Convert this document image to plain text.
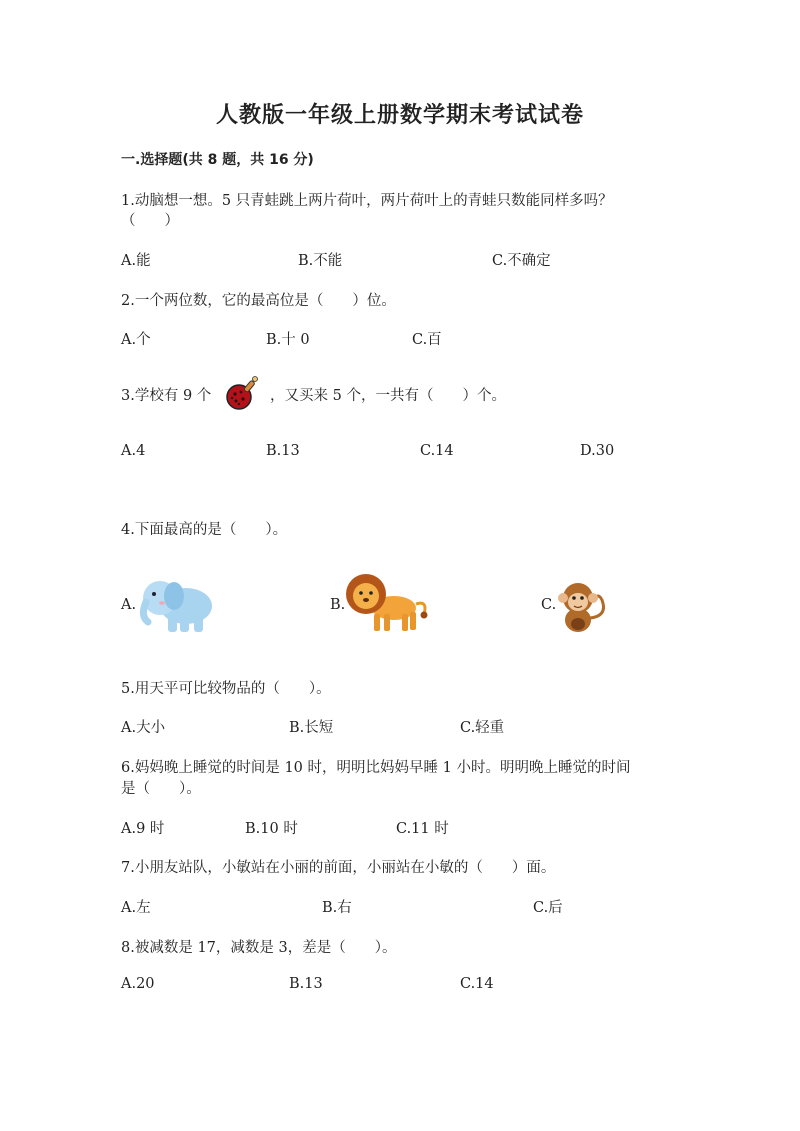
人教版一年级上册数学期末考试试卷
一.选择题(共 8 题，共 16 分)
1.动脑想一想。5 只青蛙跳上两片荷叶，两片荷叶上的青蛙只数能同样多吗？
（　　）
A.能	B.不能	C.不确定
2.一个两位数，它的最高位是（　　）位。
A.个	B.十 0	C.百
3.学校有 9 个	，又买来 5 个，一共有（　　）个。
A.4	B.13	C.14	D.30
4.下面最高的是（　　）。
A.	B.	C.
5.用天平可比较物品的（　　）。
A.大小	B.长短	C.轻重
6.妈妈晚上睡觉的时间是 10 时，明明比妈妈早睡 1 小时。明明晚上睡觉的时间
是（　　）。
A.9 时	B.10 时	C.11 时
7.小朋友站队，小敏站在小丽的前面，小丽站在小敏的（　　）面。
A.左	B.右	C.后
8.被减数是 17，减数是 3，差是（　　）。
A.20	B.13	C.14
